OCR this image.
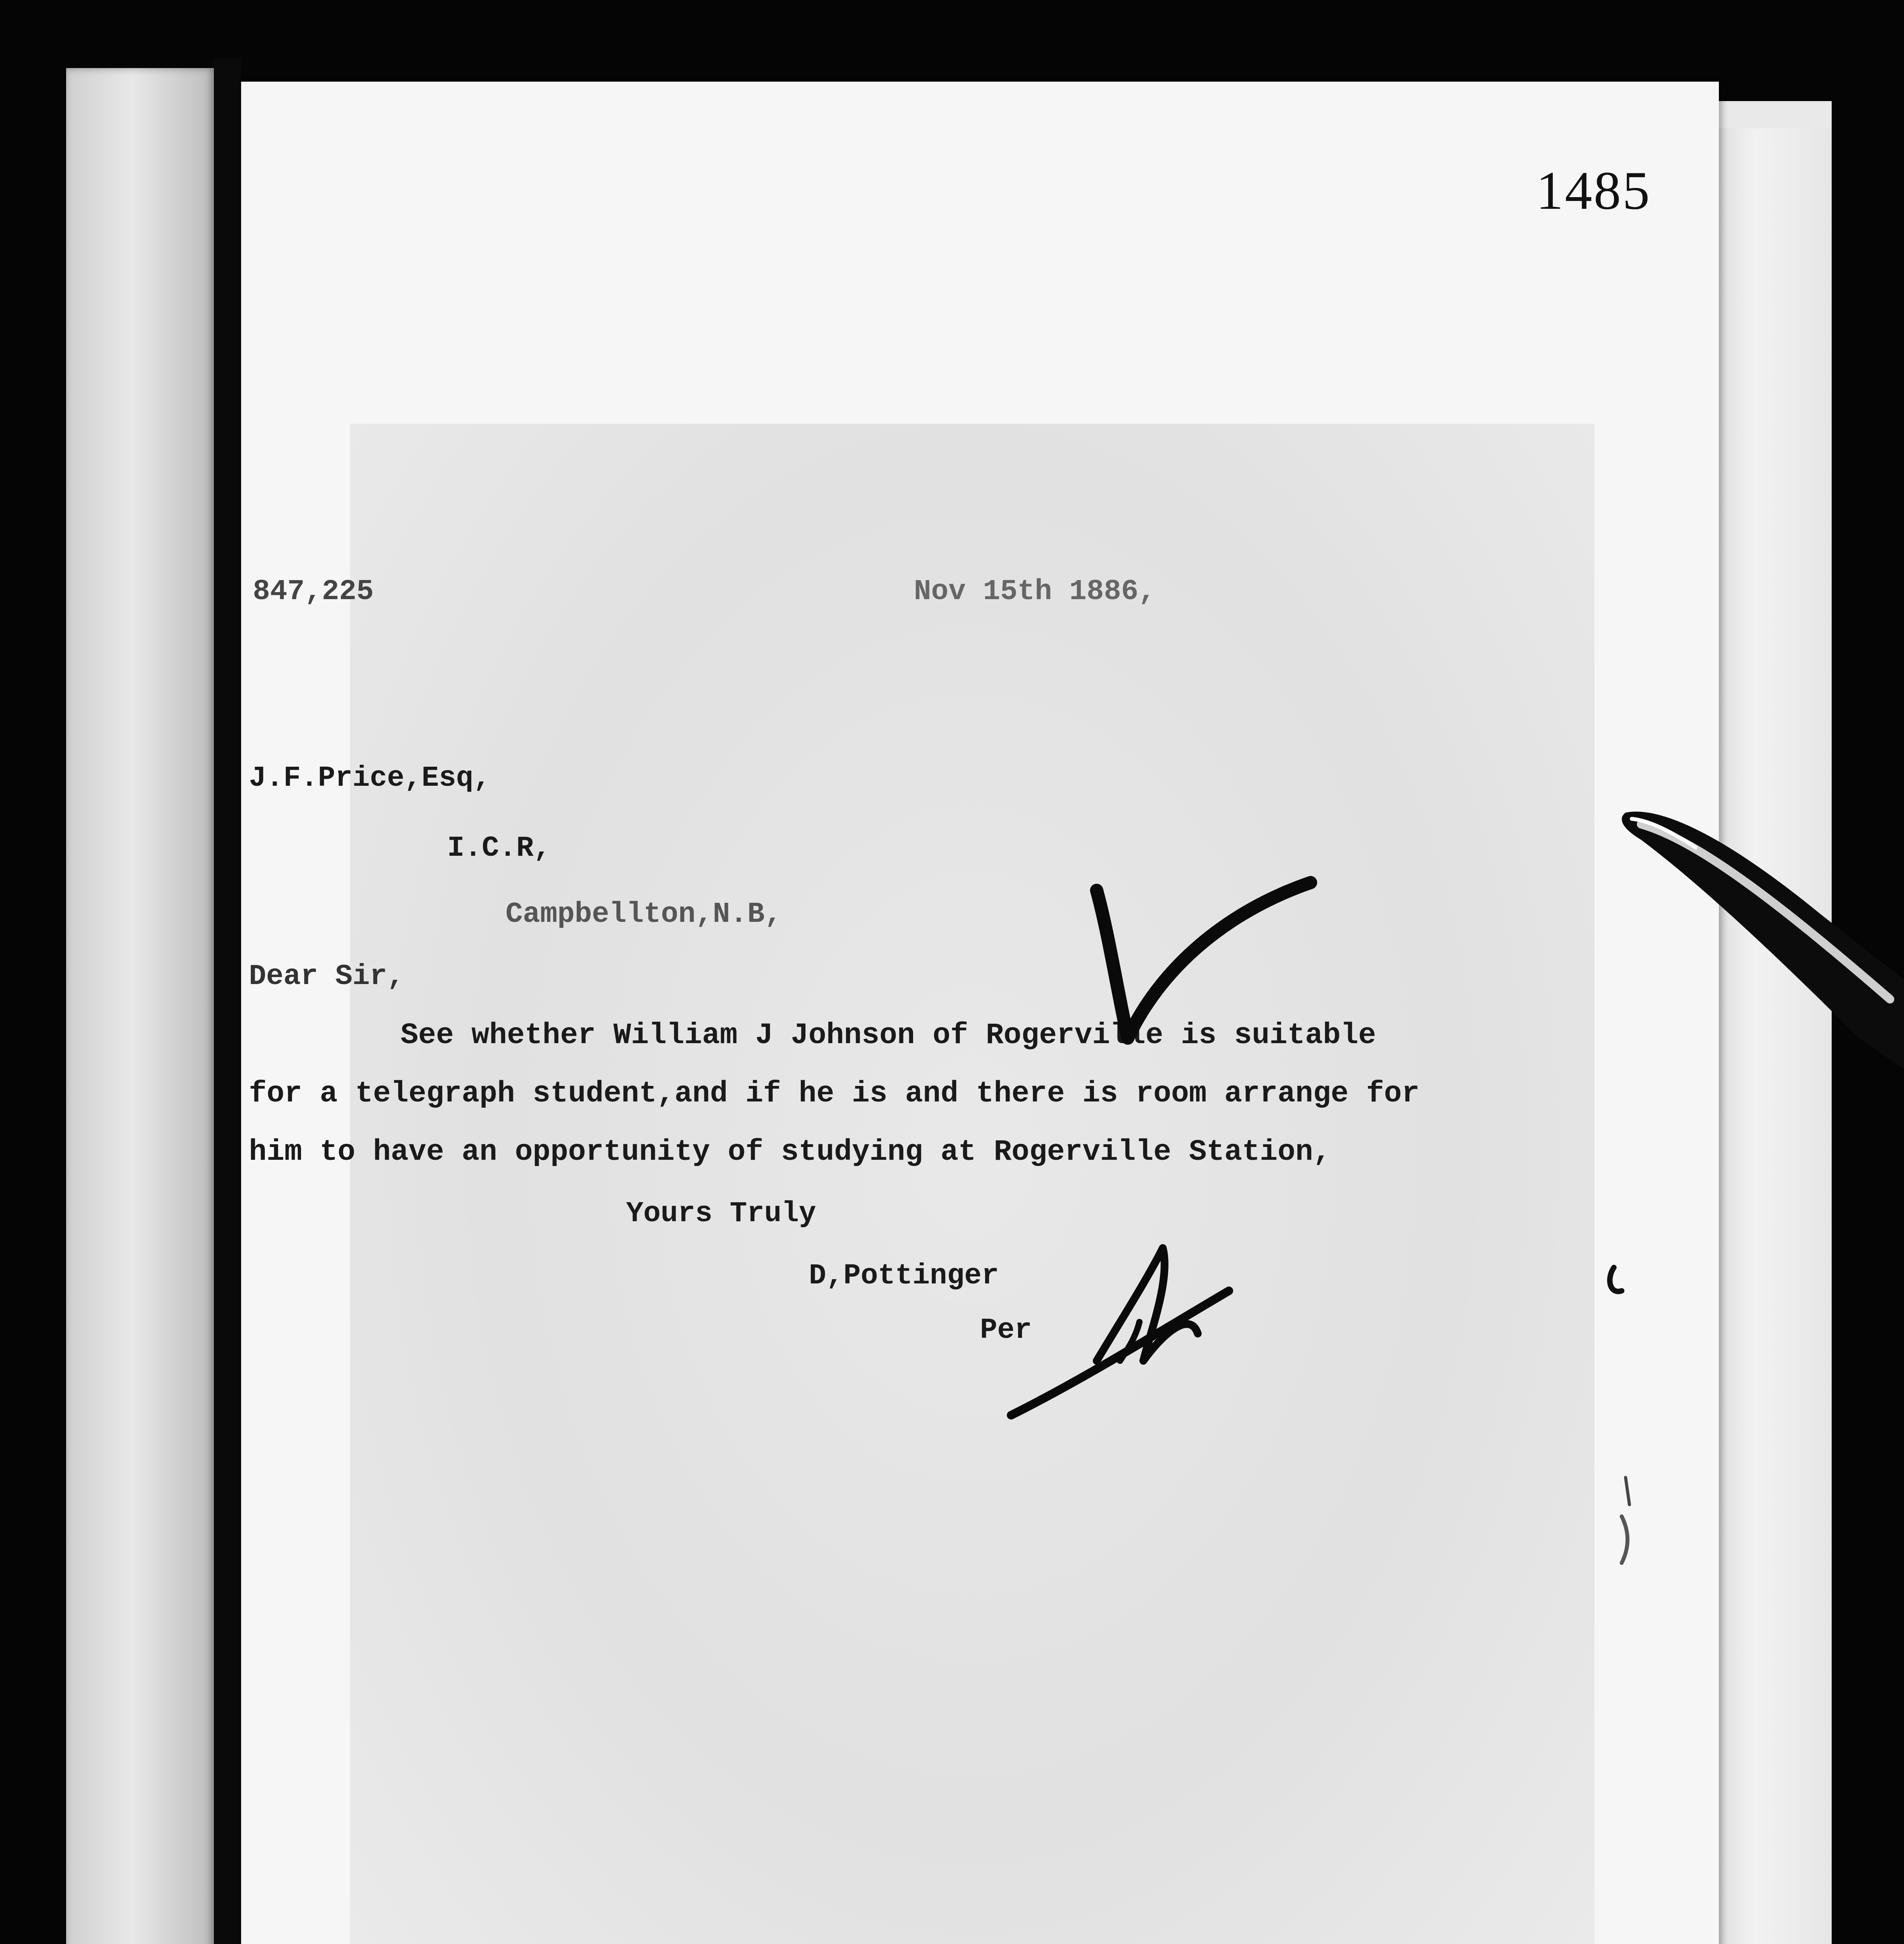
1485
847,225	Nov 15th 1886,
J.F.Price,Esq,
I.C.R,
Campbellton,N.B,
Dear Sir,
See whether William J Johnson of Rogerville is suitable
for a telegraph student,and if he is and there is room arrange for
him to have an opportunity of studying at Rogerville Station,
Yours Truly
D,Pottinger
Per
